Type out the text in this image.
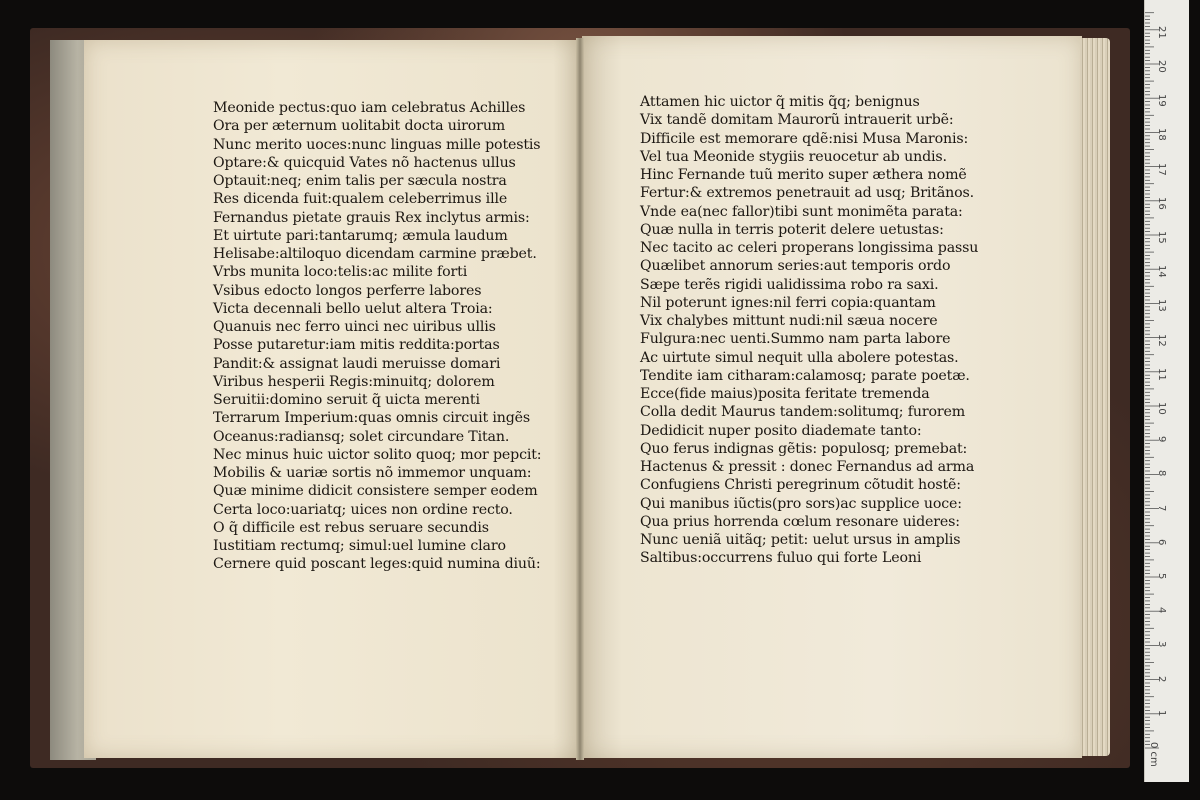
Meonide pectus:quo iam celebratus Achilles
Ora per æternum uolitabit docta uirorum
Nunc merito uoces:nunc linguas mille potestis
Optare:& quicquid Vates nõ hactenus ullus
Optauit:neq; enim talis per sæcula nostra
Res dicenda fuit:qualem celeberrimus ille
Fernandus pietate grauis Rex inclytus armis:
Et uirtute pari:tantarumq; æmula laudum
Helisabe:altiloquo dicendam carmine præbet.
Vrbs munita loco:telis:ac milite forti
Vsibus edocto longos perferre labores
Victa decennali bello uelut altera Troia:
Quanuis nec ferro uinci nec uiribus ullis
Posse putaretur:iam mitis reddita:portas
Pandit:& assignat laudi meruisse domari
Viribus hesperii Regis:minuitq; dolorem
Seruitii:domino seruit q̃ uicta merenti
Terrarum Imperium:quas omnis circuit ingẽs
Oceanus:radiansq; solet circundare Titan.
Nec minus huic uictor solito quoq; mor pepcit:
Mobilis & uariæ sortis nõ immemor unquam:
Quæ minime didicit consistere semper eodem
Certa loco:uariatq; uices non ordine recto.
O q̃ difficile est rebus seruare secundis
Iustitiam rectumq; simul:uel lumine claro
Cernere quid poscant leges:quid numina diuũ:
Attamen hic uictor q̃ mitis q̃q; benignus
Vix tandẽ domitam Maurorũ intrauerit urbẽ:
Difficile est memorare qdẽ:nisi Musa Maronis:
Vel tua Meonide stygiis reuocetur ab undis.
Hinc Fernande tuũ merito super æthera nomẽ
Fertur:& extremos penetrauit ad usq; Britãnos.
Vnde ea(nec fallor)tibi sunt monimẽta parata:
Quæ nulla in terris poterit delere uetustas:
Nec tacito ac celeri properans longissima passu
Quælibet annorum series:aut temporis ordo
Sæpe terẽs rigidi ualidissima robo ra saxi.
Nil poterunt ignes:nil ferri copia:quantam
Vix chalybes mittunt nudi:nil sæua nocere
Fulgura:nec uenti.Summo nam parta labore
Ac uirtute simul nequit ulla abolere potestas.
Tendite iam citharam:calamosq; parate poetæ.
Ecce(fide maius)posita feritate tremenda
Colla dedit Maurus tandem:solitumq; furorem
Dedidicit nuper posito diademate tanto:
Quo ferus indignas gẽtis: populosq; premebat:
Hactenus & pressit : donec Fernandus ad arma
Confugiens Christi peregrinum cõtudit hostẽ:
Qui manibus iũctis(pro sors)ac supplice uoce:
Qua prius horrenda cœlum resonare uideres:
Nunc ueniã uitãq; petit: uelut ursus in amplis
Saltibus:occurrens fuluo qui forte Leoni
1
2
3
4
5
6
7
8
9
10
11
12
13
14
15
16
17
18
19
20
21
0 cm
